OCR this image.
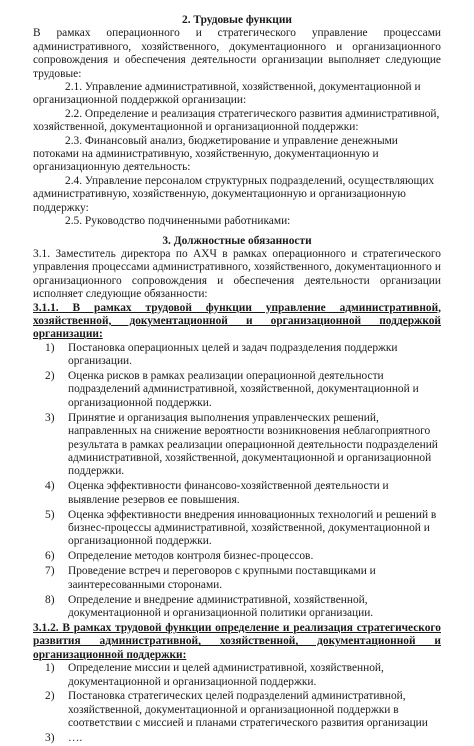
2. Трудовые функции
В рамках операционного и стратегического управление процессами административного, хозяйственного, документационного и организационного сопровождения и обеспечения деятельности организации выполняет следующие трудовые:
2.1. Управление административной, хозяйственной, документационной и организационной поддержкой организации:
2.2. Определение и реализация стратегического развития административной, хозяйственной, документационной и организационной поддержки:
2.3. Финансовый анализ, бюджетирование и управление денежными потоками на административную, хозяйственную, документационную и организационную деятельность:
2.4. Управление персоналом структурных подразделений, осуществляющих административную, хозяйственную, документационную и организационную поддержку:
2.5. Руководство подчиненными работниками:
3. Должностные обязанности
3.1. Заместитель директора по АХЧ в рамках операционного и стратегического управления процессами административного, хозяйственного, документационного и организационного сопровождения и обеспечения деятельности организации исполняет следующие обязанности:
3.1.1. В рамках трудовой функции управление административной, хозяйственной, документационной и организационной поддержкой организации:
1)	Постановка операционных целей и задач подразделения поддержки организации.
2)	Оценка рисков в рамках реализации операционной деятельности подразделений административной, хозяйственной, документационной и организационной поддержки.
3)	Принятие и организация выполнения управленческих решений, направленных на снижение вероятности возникновения неблагоприятного результата в рамках реализации операционной деятельности подразделений административной, хозяйственной, документационной и организационной поддержки.
4)	Оценка эффективности финансово-хозяйственной деятельности и выявление резервов ее повышения.
5)	Оценка эффективности внедрения инновационных технологий и решений в бизнес-процессы административной, хозяйственной, документационной и организационной поддержки.
6)	Определение методов контроля бизнес-процессов.
7)	Проведение встреч и переговоров с крупными поставщиками и заинтересованными сторонами.
8)	Определение и внедрение административной, хозяйственной, документационной и организационной политики организации.
3.1.2. В рамках трудовой функции определение и реализация стратегического развития административной, хозяйственной, документационной и организационной поддержки:
1)	Определение миссии и целей административной, хозяйственной, документационной и организационной поддержки.
2)	Постановка стратегических целей подразделений административной, хозяйственной, документационной и организационной поддержки в соответствии с миссией и планами стратегического развития организации
3)	….
